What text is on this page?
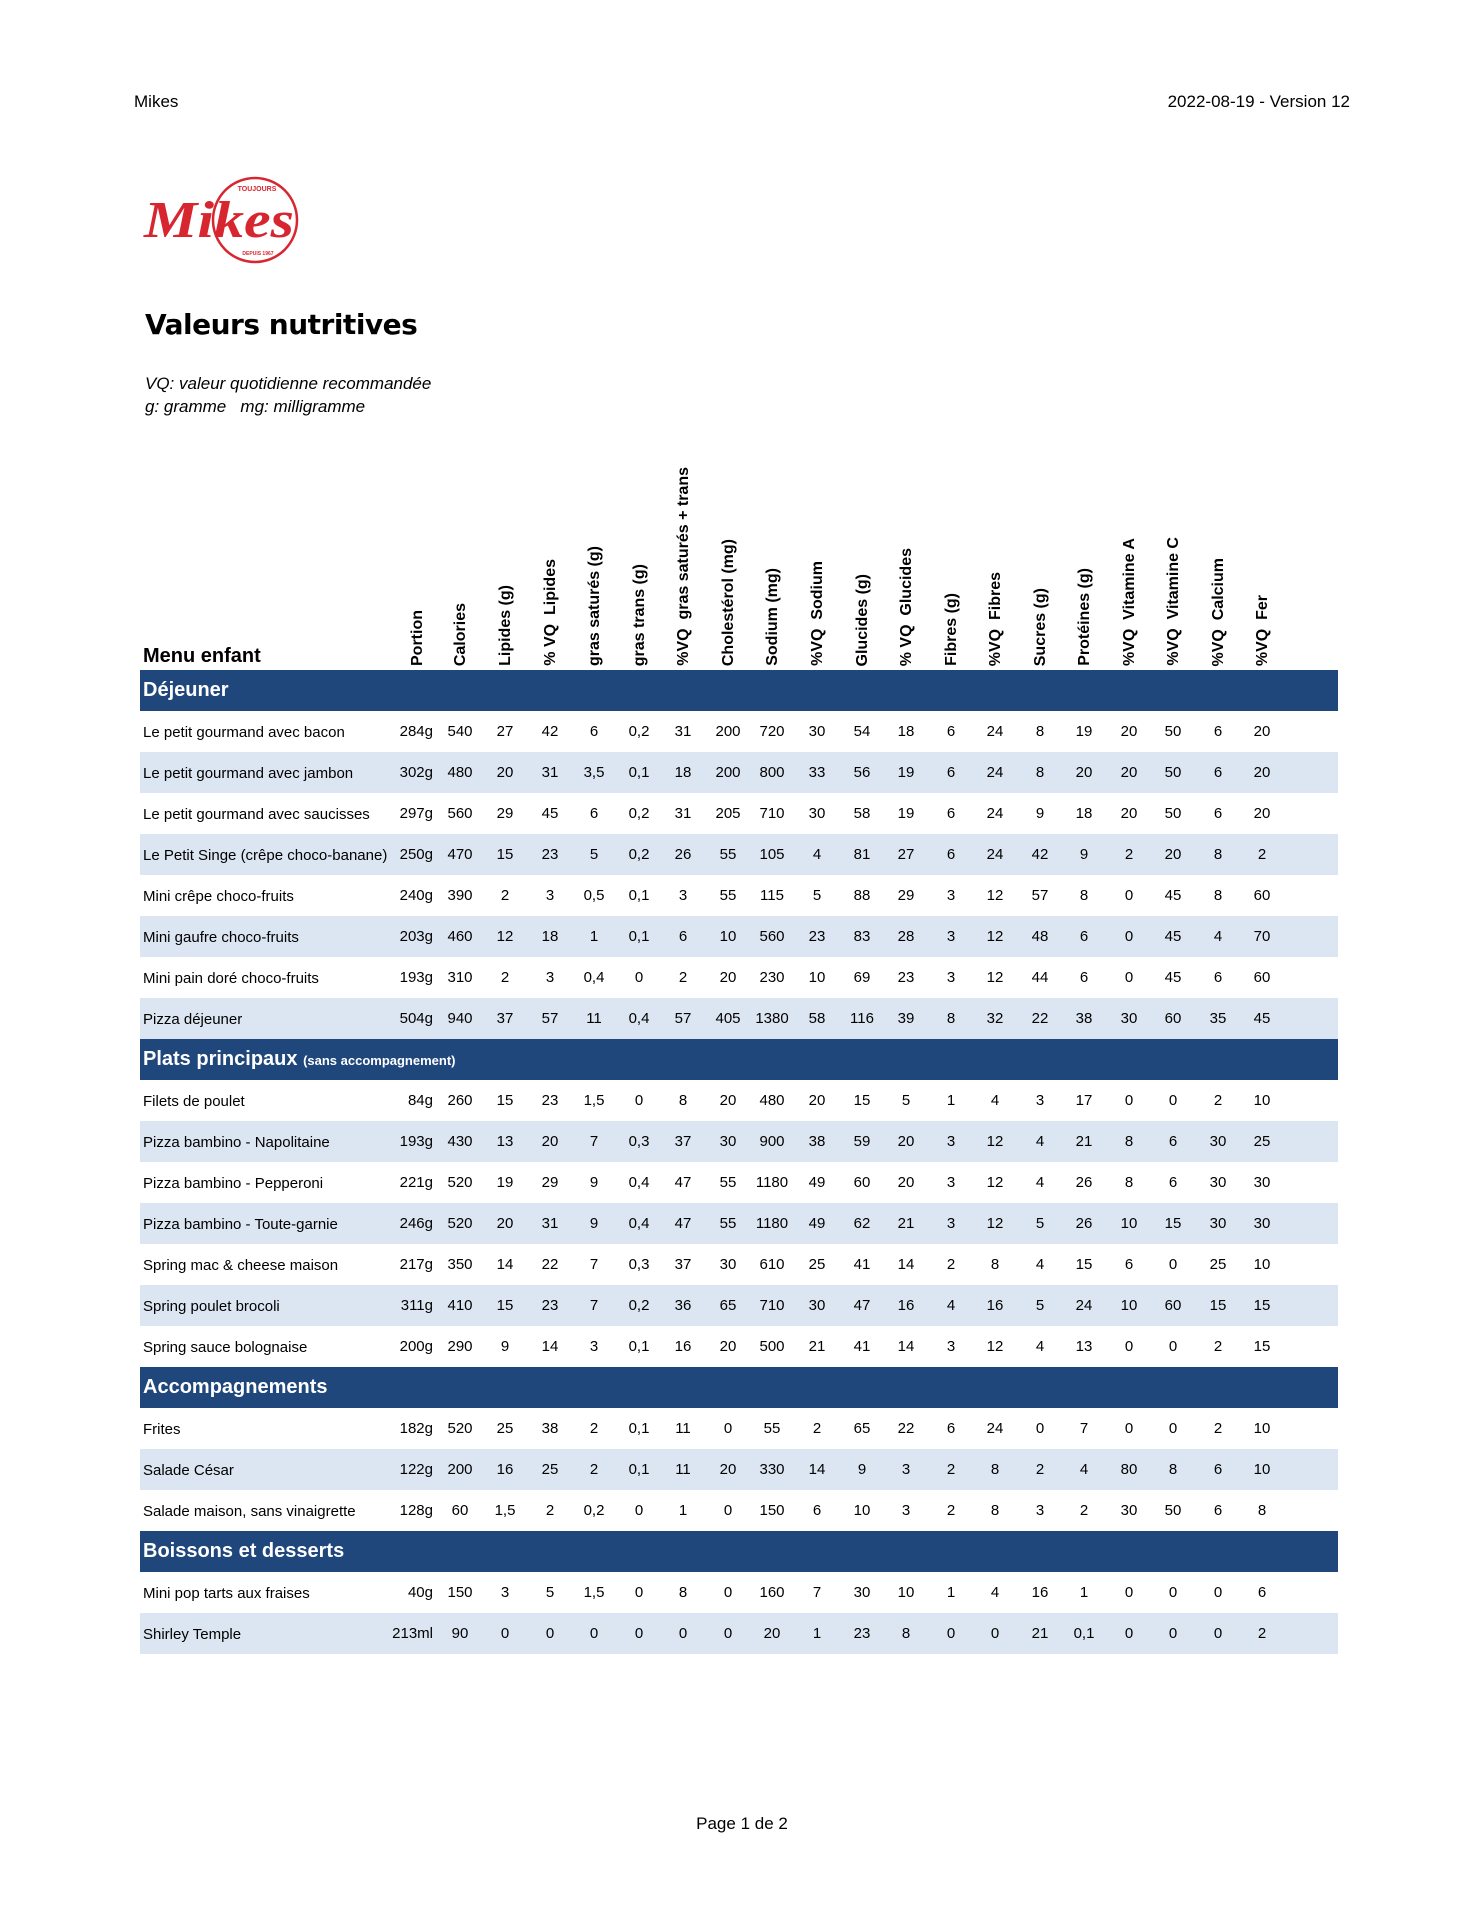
Mikes	2022-08-19 - Version 12
TOUJOURS
Mikes
DEPUIS 1967
Valeurs nutritives
VQ: valeur quotidienne recommandée
g: gramme   mg: milligramme
Menu enfant	Portion Calories Lipides (g) % VQ  Lipides gras saturés (g) gras trans (g) %VQ  gras saturés + trans Cholestérol (mg) Sodium (mg) %VQ  Sodium Glucides (g) % VQ  Glucides Fibres (g) %VQ  Fibres Sucres (g) Protéines (g) %VQ  Vitamine A %VQ  Vitamine C %VQ  Calcium %VQ  Fer
Déjeuner
Le petit gourmand avec bacon	284g 540	27	42	6	0,2	31	200	720	30	54	18	6	24	8	19	20	50	6	20
Le petit gourmand avec jambon	302g 480	20	31	3,5	0,1	18	200	800	33	56	19	6	24	8	20	20	50	6	20
Le petit gourmand avec saucisses	297g 560	29	45	6	0,2	31	205	710	30	58	19	6	24	9	18	20	50	6	20
Le Petit Singe (crêpe choco-banane) 250g 470	15	23	5	0,2	26	55	105	4	81	27	6	24	42	9	2	20	8	2
Mini crêpe choco-fruits	240g 390	2	3	0,5	0,1	3	55	115	5	88	29	3	12	57	8	0	45	8	60
Mini gaufre choco-fruits	203g 460	12	18	1	0,1	6	10	560	23	83	28	3	12	48	6	0	45	4	70
Mini pain doré choco-fruits	193g 310	2	3	0,4	0	2	20	230	10	69	23	3	12	44	6	0	45	6	60
Pizza déjeuner	504g 940	37	57	11	0,4	57	405 1380	58	116	39	8	32	22	38	30	60	35	45
Plats principaux (sans accompagnement)
Filets de poulet	84g 260	15	23	1,5	0	8	20	480	20	15	5	1	4	3	17	0	0	2	10
Pizza bambino - Napolitaine	193g 430	13	20	7	0,3	37	30	900	38	59	20	3	12	4	21	8	6	30	25
Pizza bambino - Pepperoni	221g 520	19	29	9	0,4	47	55	1180	49	60	20	3	12	4	26	8	6	30	30
Pizza bambino - Toute-garnie	246g 520	20	31	9	0,4	47	55	1180	49	62	21	3	12	5	26	10	15	30	30
Spring mac & cheese maison	217g 350	14	22	7	0,3	37	30	610	25	41	14	2	8	4	15	6	0	25	10
Spring poulet brocoli	311g 410	15	23	7	0,2	36	65	710	30	47	16	4	16	5	24	10	60	15	15
Spring sauce bolognaise	200g 290	9	14	3	0,1	16	20	500	21	41	14	3	12	4	13	0	0	2	15
Accompagnements
Frites	182g 520	25	38	2	0,1	11	0	55	2	65	22	6	24	0	7	0	0	2	10
Salade César	122g 200	16	25	2	0,1	11	20	330	14	9	3	2	8	2	4	80	8	6	10
Salade maison, sans vinaigrette	128g	60	1,5	2	0,2	0	1	0	150	6	10	3	2	8	3	2	30	50	6	8
Boissons et desserts
Mini pop tarts aux fraises	40g 150	3	5	1,5	0	8	0	160	7	30	10	1	4	16	1	0	0	0	6
Shirley Temple	213ml	90	0	0	0	0	0	0	20	1	23	8	0	0	21	0,1	0	0	0	2
Page 1 de 2
